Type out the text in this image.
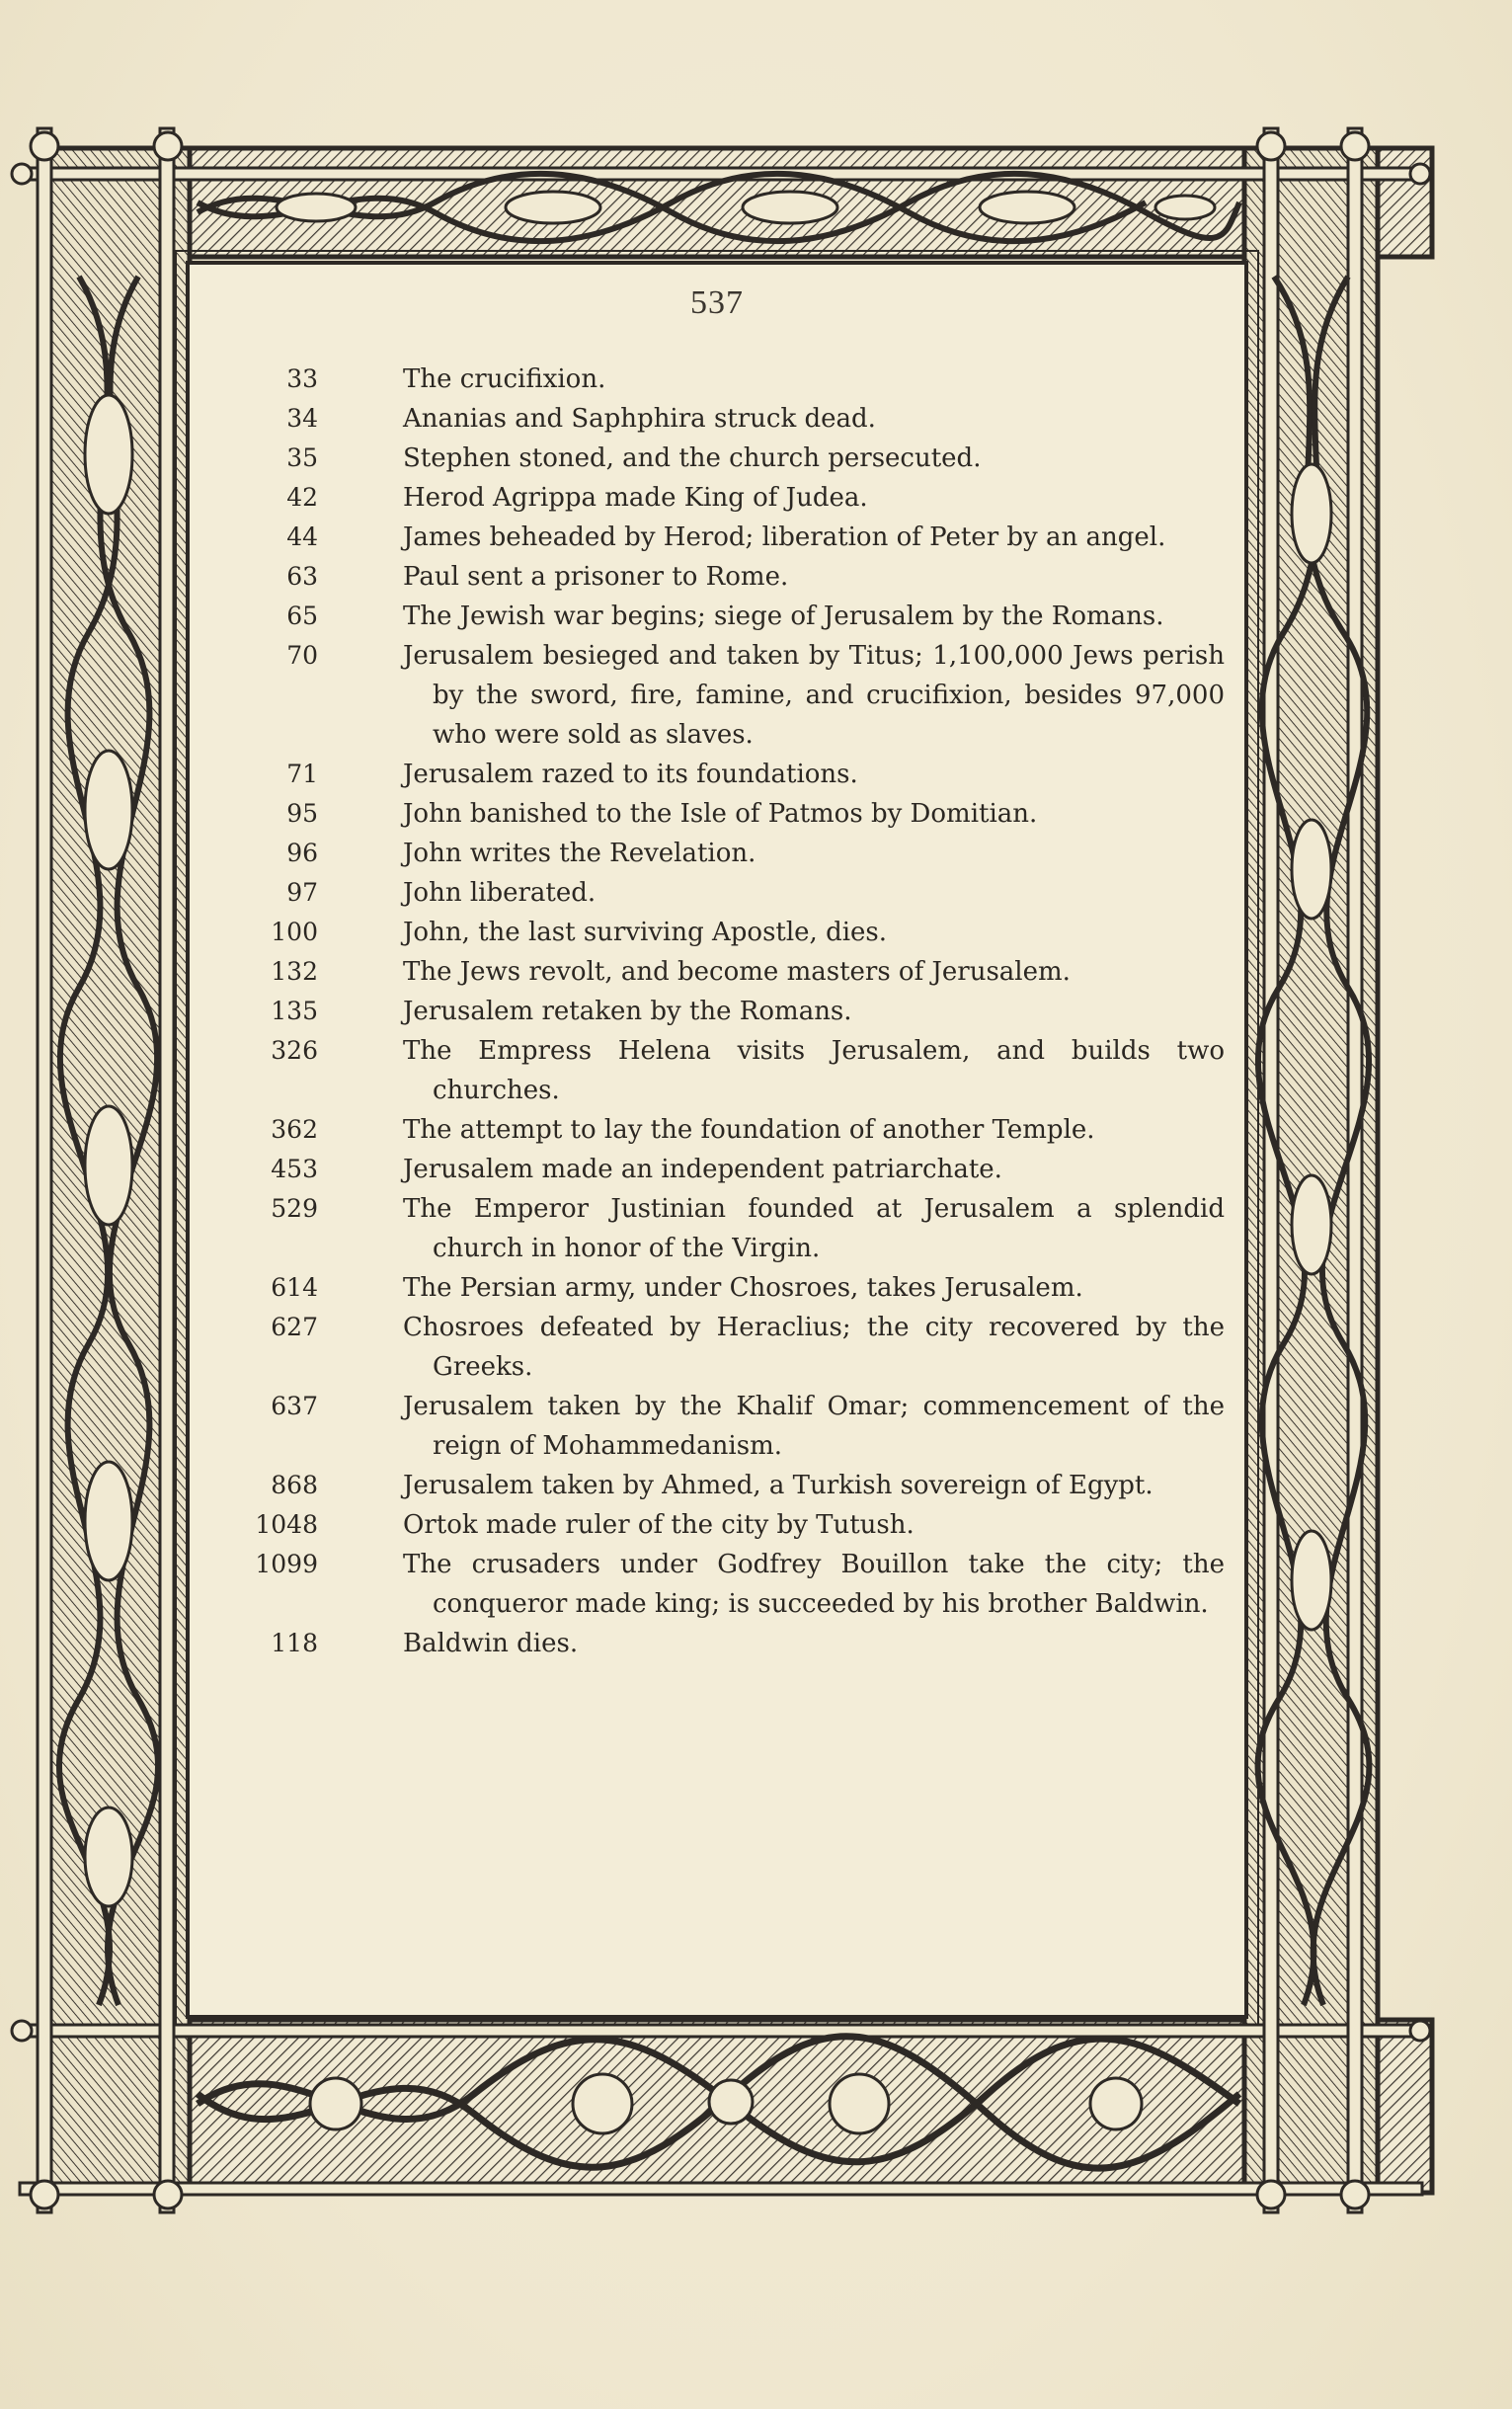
537
33	The crucifixion.
34	Ananias and Saphphira struck dead.
35	Stephen stoned, and the church persecuted.
42	Herod Agrippa made King of Judea.
44	James beheaded by Herod; liberation of Peter by an angel.
63	Paul sent a prisoner to Rome.
65	The Jewish war begins; siege of Jerusalem by the Romans.
70	Jerusalem besieged and taken by Titus; 1,100,000 Jews perish by the sword, fire, famine, and crucifixion, besides 97,000 who were sold as slaves.
71	Jerusalem razed to its foundations.
95	John banished to the Isle of Patmos by Domitian.
96	John writes the Revelation.
97	John liberated.
100	John, the last surviving Apostle, dies.
132	The Jews revolt, and become masters of Jerusalem.
135	Jerusalem retaken by the Romans.
326	The Empress Helena visits Jerusalem, and builds two churches.
362	The attempt to lay the foundation of another Temple.
453	Jerusalem made an independent patriarchate.
529	The Emperor Justinian founded at Jerusalem a splendid church in honor of the Virgin.
614	The Persian army, under Chosroes, takes Jerusalem.
627	Chosroes defeated by Heraclius; the city recovered by the Greeks.
637	Jerusalem taken by the Khalif Omar; commencement of the reign of Mohammedanism.
868	Jerusalem taken by Ahmed, a Turkish sovereign of Egypt.
1048	Ortok made ruler of the city by Tutush.
1099	The crusaders under Godfrey Bouillon take the city; the conqueror made king; is succeeded by his brother Baldwin.
118	Baldwin dies.
